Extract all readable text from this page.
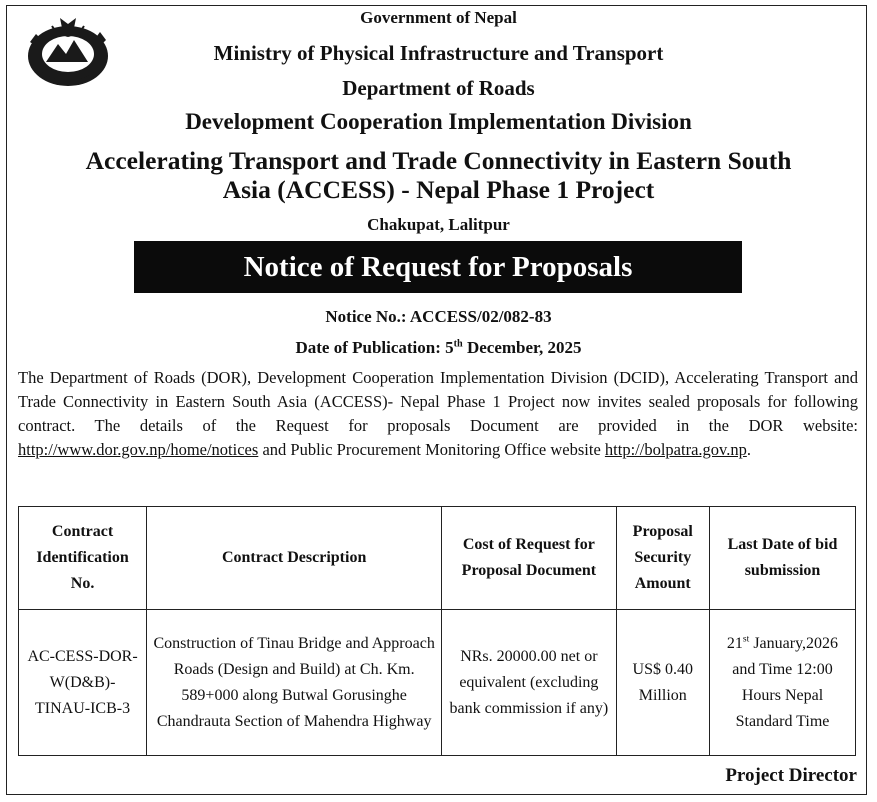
Government of Nepal
Ministry of Physical Infrastructure and Transport
Department of Roads
Development Cooperation Implementation Division
Accelerating Transport and Trade Connectivity in Eastern South
Asia (ACCESS) - Nepal Phase 1 Project
Chakupat, Lalitpur
Notice of Request for Proposals
Notice No.: ACCESS/02/082-83
Date of Publication: 5th December, 2025
The Department of Roads (DOR), Development Cooperation Implementation Division (DCID), Accelerating Transport and Trade Connectivity in Eastern South Asia (ACCESS)- Nepal Phase 1 Project now invites sealed proposals for following contract. The details of the Request for proposals Document are provided in the DOR website: http://www.dor.gov.np/home/notices and Public Procurement Monitoring Office website http://bolpatra.gov.np.
Contract Identification No.	Contract Description	Cost of Request for Proposal Document	Proposal Security Amount	Last Date of bid submission
AC-CESS-DOR-W(D&B)-TINAU-ICB-3	Construction of Tinau Bridge and Approach Roads (Design and Build) at Ch. Km. 589+000 along Butwal Gorusinghe Chandrauta Section of Mahendra Highway	NRs. 20000.00 net or equivalent (excluding bank commission if any)	US$ 0.40 Million	21st January,2026 and Time 12:00 Hours Nepal Standard Time
Project Director
